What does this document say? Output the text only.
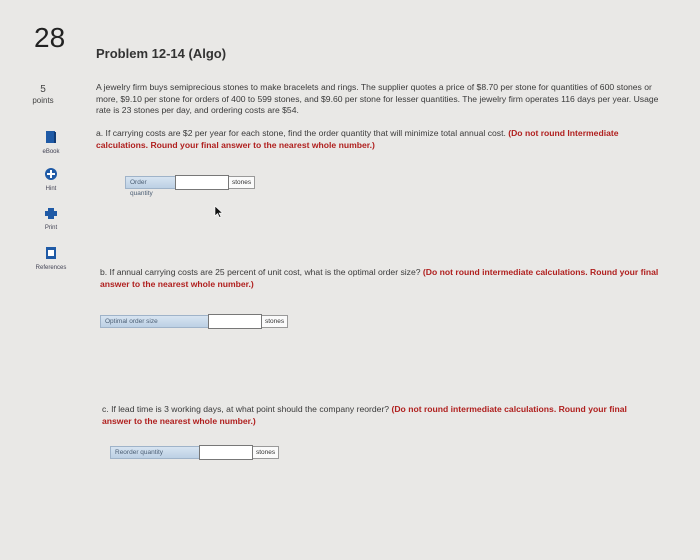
28
5
points
eBook
Hint
Print
References
Problem 12-14 (Algo)
A jewelry firm buys semiprecious stones to make bracelets and rings. The supplier quotes a price of $8.70 per stone for quantities of 600 stones or more, $9.10 per stone for orders of 400 to 599 stones, and $9.60 per stone for lesser quantities. The jewelry firm operates 116 days per year. Usage rate is 23 stones per day, and ordering costs are $54.
a. If carrying costs are $2 per year for each stone, find the order quantity that will minimize total annual cost. (Do not round Intermediate calculations. Round your final answer to the nearest whole number.)
Order quantity
stones
b. If annual carrying costs are 25 percent of unit cost, what is the optimal order size? (Do not round intermediate calculations. Round your final answer to the nearest whole number.)
Optimal order size	stones
c. If lead time is 3 working days, at what point should the company reorder? (Do not round intermediate calculations. Round your final answer to the nearest whole number.)
Reorder quantity	stones
